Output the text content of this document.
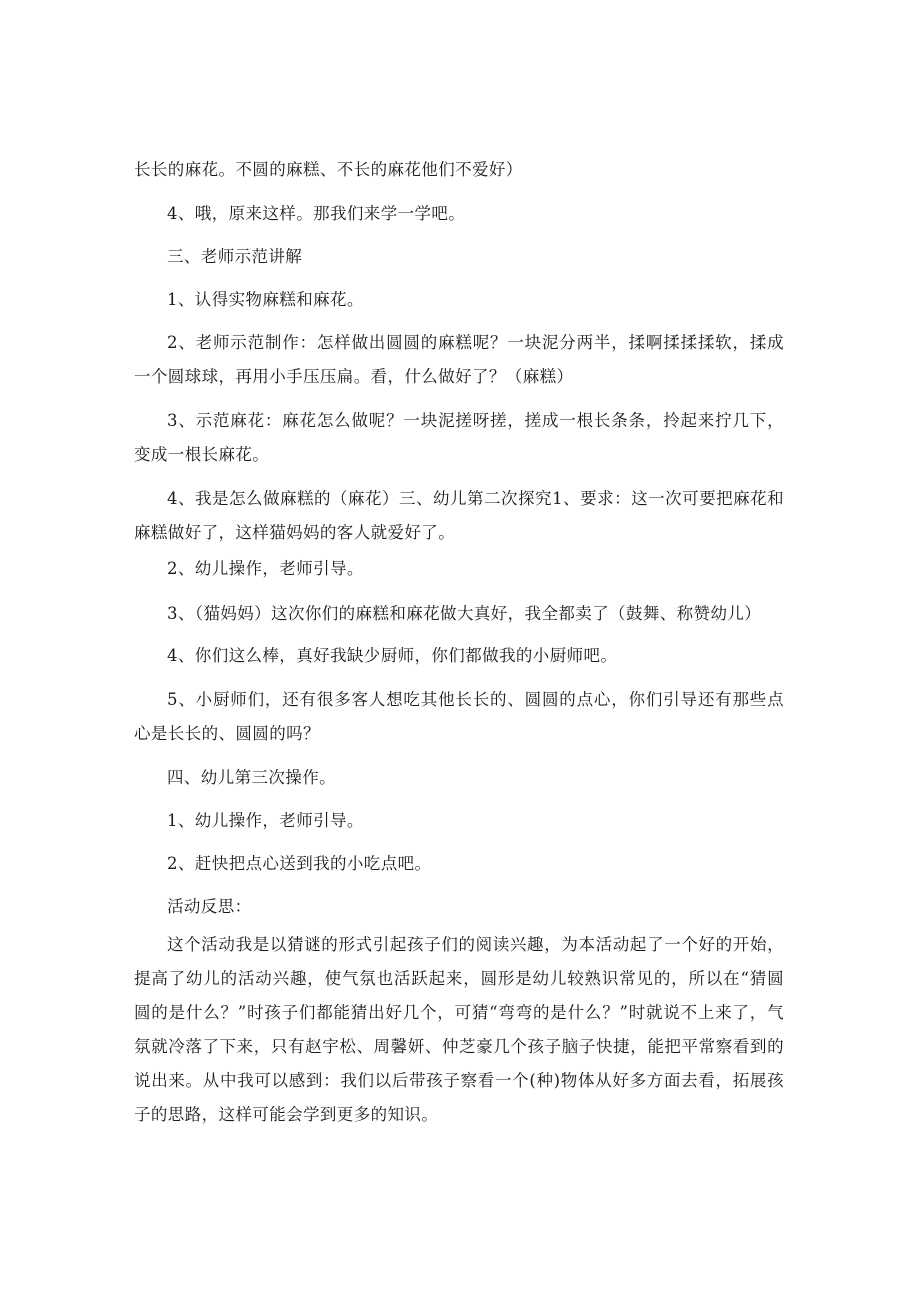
长长的麻花。不圆的麻糕、不长的麻花他们不爱好）

4、哦，原来这样。那我们来学一学吧。

三、老师示范讲解

1、认得实物麻糕和麻花。

2、老师示范制作：怎样做出圆圆的麻糕呢？一块泥分两半，揉啊揉揉揉软，揉成一个圆球球，再用小手压压扁。看，什么做好了？（麻糕）

3、示范麻花：麻花怎么做呢？一块泥搓呀搓，搓成一根长条条，拎起来拧几下，变成一根长麻花。

4、我是怎么做麻糕的（麻花）三、幼儿第二次探究1、要求：这一次可要把麻花和麻糕做好了，这样猫妈妈的客人就爱好了。

2、幼儿操作，老师引导。

3、（猫妈妈）这次你们的麻糕和麻花做大真好，我全都卖了（鼓舞、称赞幼儿）

4、你们这么棒，真好我缺少厨师，你们都做我的小厨师吧。

5、小厨师们，还有很多客人想吃其他长长的、圆圆的点心，你们引导还有那些点心是长长的、圆圆的吗？

四、幼儿第三次操作。

1、幼儿操作，老师引导。

2、赶快把点心送到我的小吃点吧。

活动反思：

这个活动我是以猜谜的形式引起孩子们的阅读兴趣，为本活动起了一个好的开始，提高了幼儿的活动兴趣，使气氛也活跃起来，圆形是幼儿较熟识常见的，所以在“猜圆圆的是什么？”时孩子们都能猜出好几个，可猜“弯弯的是什么？”时就说不上来了，气氛就冷落了下来，只有赵宇松、周馨妍、仲芝豪几个孩子脑子快捷，能把平常察看到的说出来。从中我可以感到：我们以后带孩子察看一个(种)物体从好多方面去看，拓展孩子的思路，这样可能会学到更多的知识。
